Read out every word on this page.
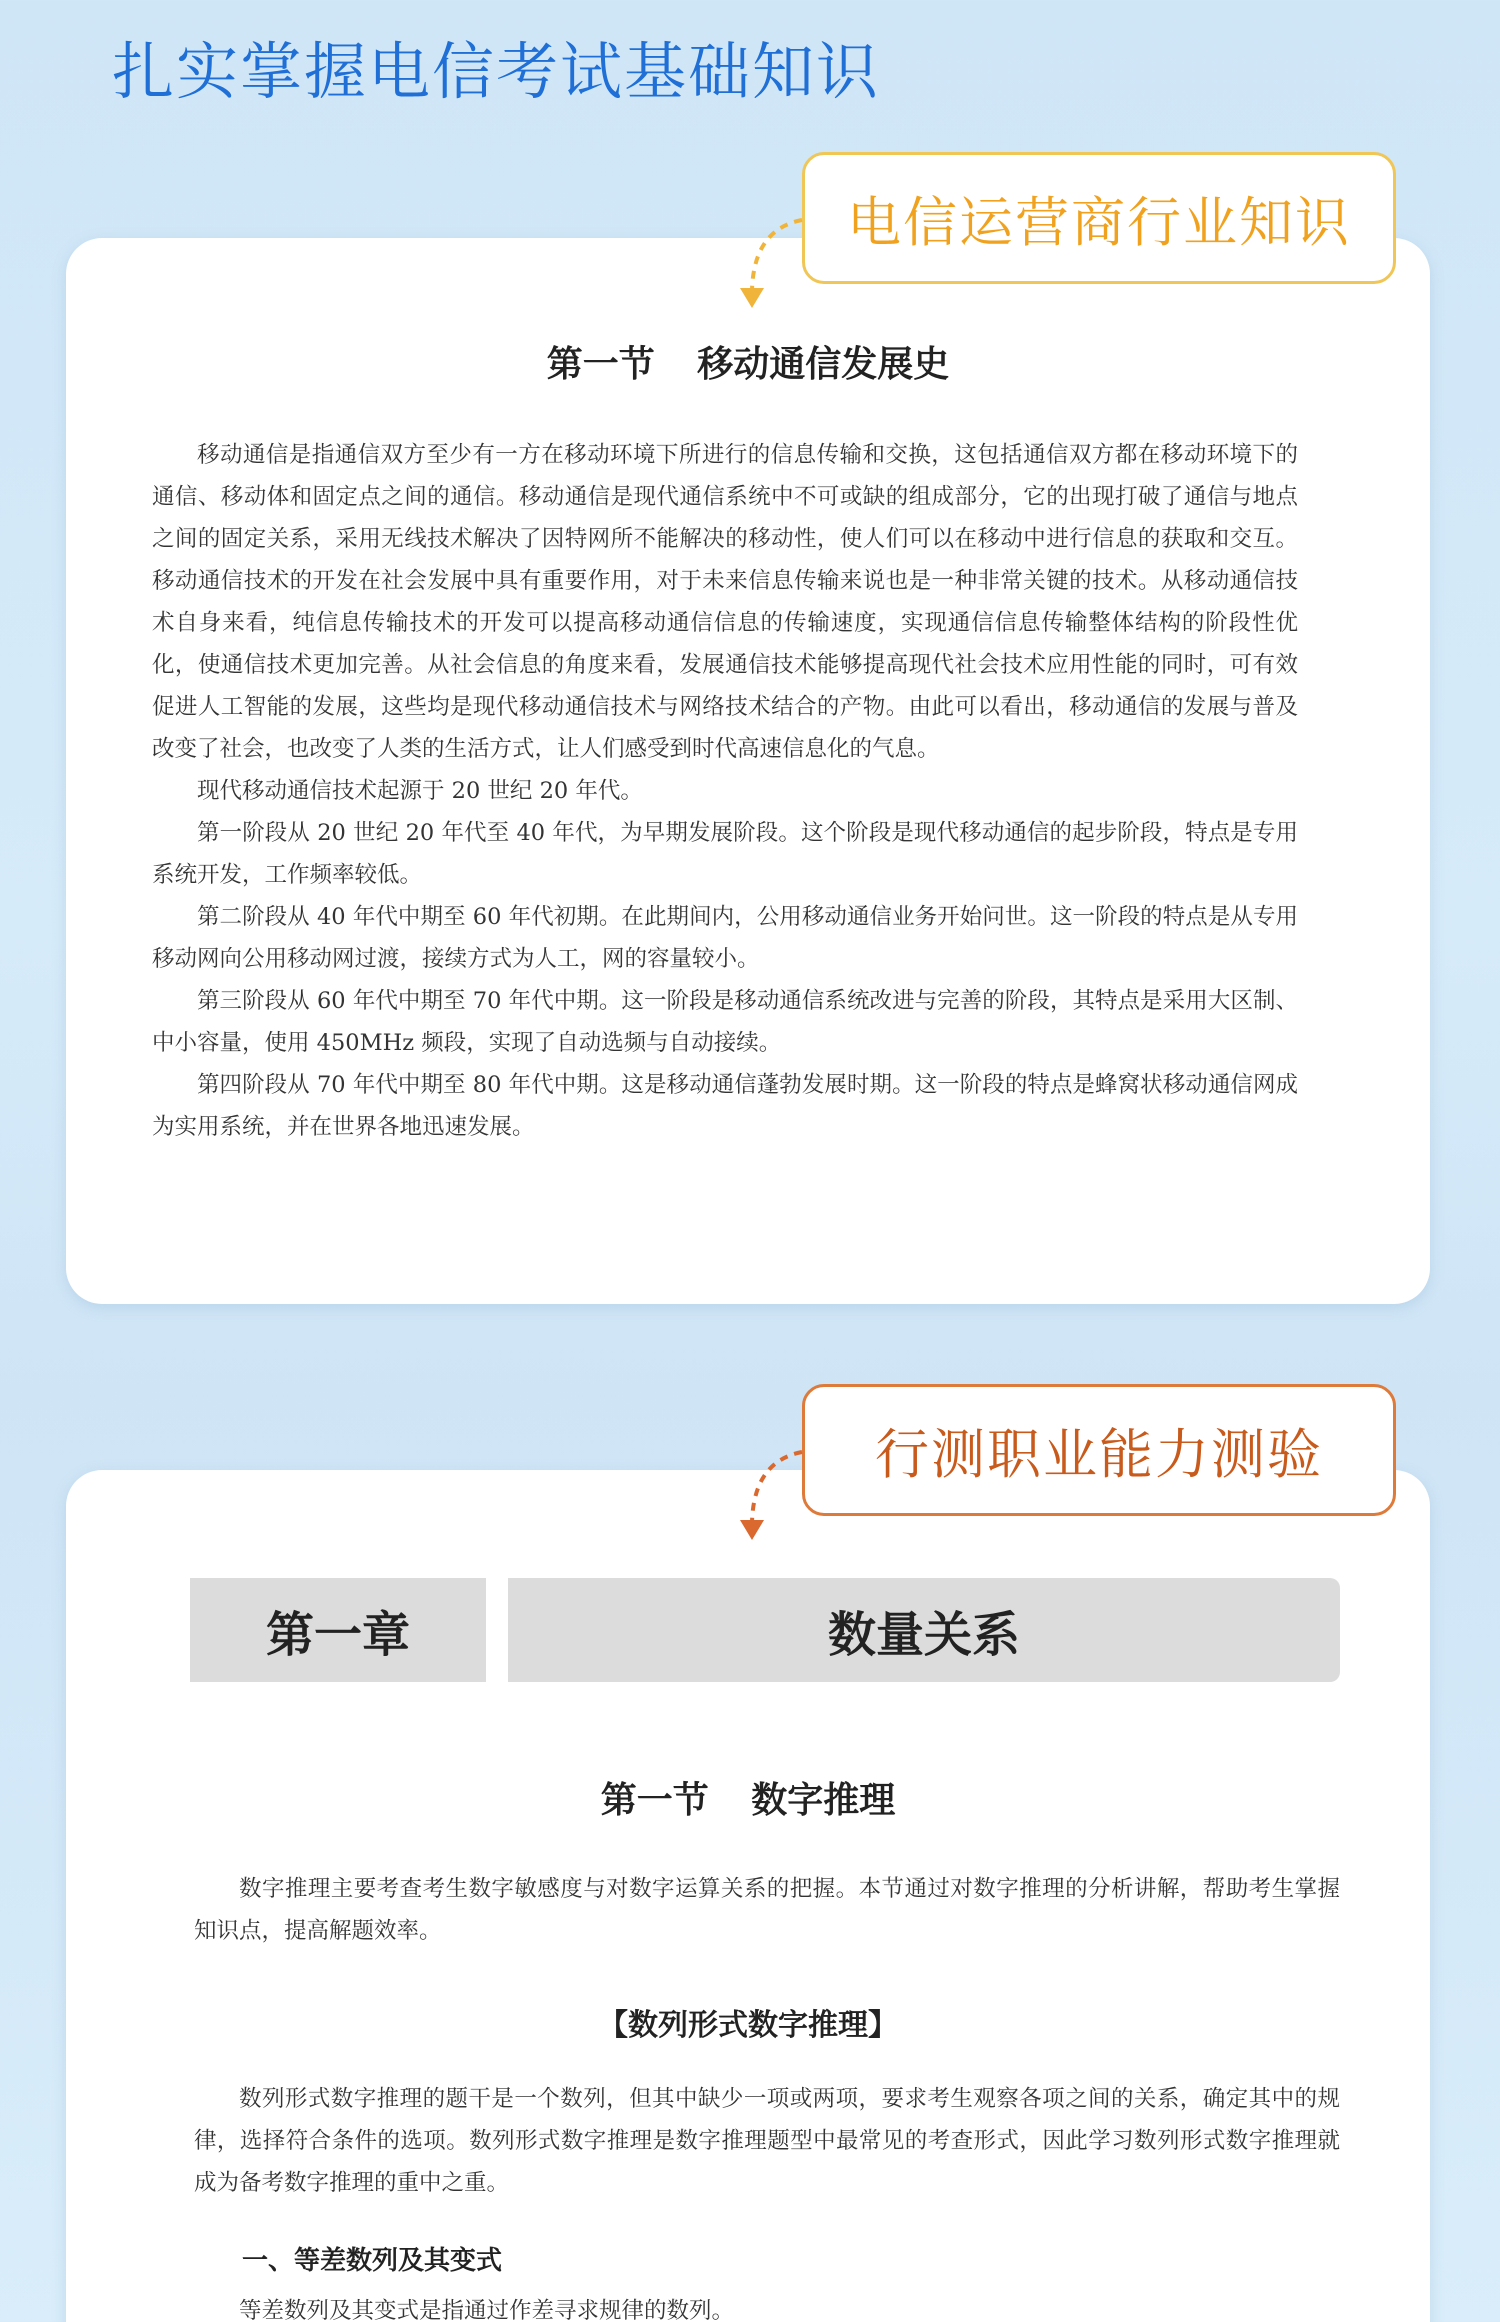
扎实掌握电信考试基础知识
第一节 移动通信发展史

移动通信是指通信双方至少有一方在移动环境下所进行的信息传输和交换，这包括通信双方都在移动环境下的通信、移动体和固定点之间的通信。移动通信是现代通信系统中不可或缺的组成部分，它的出现打破了通信与地点之间的固定关系，采用无线技术解决了因特网所不能解决的移动性，使人们可以在移动中进行信息的获取和交互。移动通信技术的开发在社会发展中具有重要作用，对于未来信息传输来说也是一种非常关键的技术。从移动通信技术自身来看，纯信息传输技术的开发可以提高移动通信信息的传输速度，实现通信信息传输整体结构的阶段性优化，使通信技术更加完善。从社会信息的角度来看，发展通信技术能够提高现代社会技术应用性能的同时，可有效促进人工智能的发展，这些均是现代移动通信技术与网络技术结合的产物。由此可以看出，移动通信的发展与普及改变了社会，也改变了人类的生活方式，让人们感受到时代高速信息化的气息。

现代移动通信技术起源于 20 世纪 20 年代。

第一阶段从 20 世纪 20 年代至 40 年代，为早期发展阶段。这个阶段是现代移动通信的起步阶段，特点是专用系统开发，工作频率较低。

第二阶段从 40 年代中期至 60 年代初期。在此期间内，公用移动通信业务开始问世。这一阶段的特点是从专用移动网向公用移动网过渡，接续方式为人工，网的容量较小。

第三阶段从 60 年代中期至 70 年代中期。这一阶段是移动通信系统改进与完善的阶段，其特点是采用大区制、中小容量，使用 450MHz 频段，实现了自动选频与自动接续。

第四阶段从 70 年代中期至 80 年代中期。这是移动通信蓬勃发展时期。这一阶段的特点是蜂窝状移动通信网成为实用系统，并在世界各地迅速发展。

电信运营商行业知识
第一章	数量关系
第一节 数字推理

数字推理主要考查考生数字敏感度与对数字运算关系的把握。本节通过对数字推理的分析讲解，帮助考生掌握知识点，提高解题效率。

【数列形式数字推理】

数列形式数字推理的题干是一个数列，但其中缺少一项或两项，要求考生观察各项之间的关系，确定其中的规律，选择符合条件的选项。数列形式数字推理是数字推理题型中最常见的考查形式，因此学习数列形式数字推理就成为备考数字推理的重中之重。

一、等差数列及其变式

等差数列及其变式是指通过作差寻求规律的数列。

行测职业能力测验
